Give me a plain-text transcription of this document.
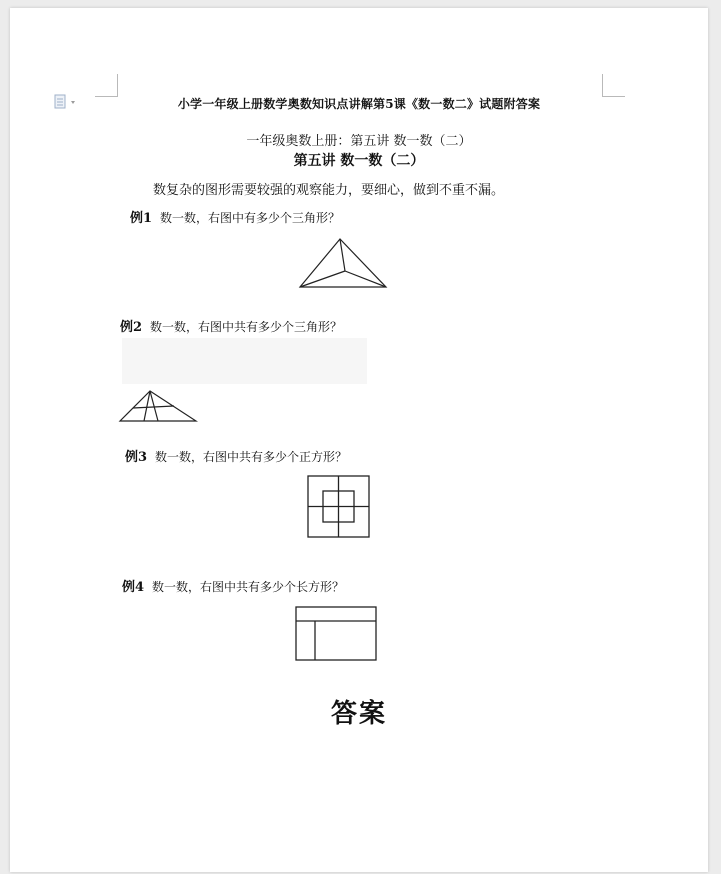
小学一年级上册数学奥数知识点讲解第5课《数一数二》试题附答案
一年级奥数上册：第五讲 数一数（二）
第五讲 数一数（二）
数复杂的图形需要较强的观察能力，要细心，做到不重不漏。
例1 数一数，右图中有多少个三角形？
例2 数一数，右图中共有多少个三角形？
例3 数一数，右图中共有多少个正方形？
例4 数一数，右图中共有多少个长方形？
答案
